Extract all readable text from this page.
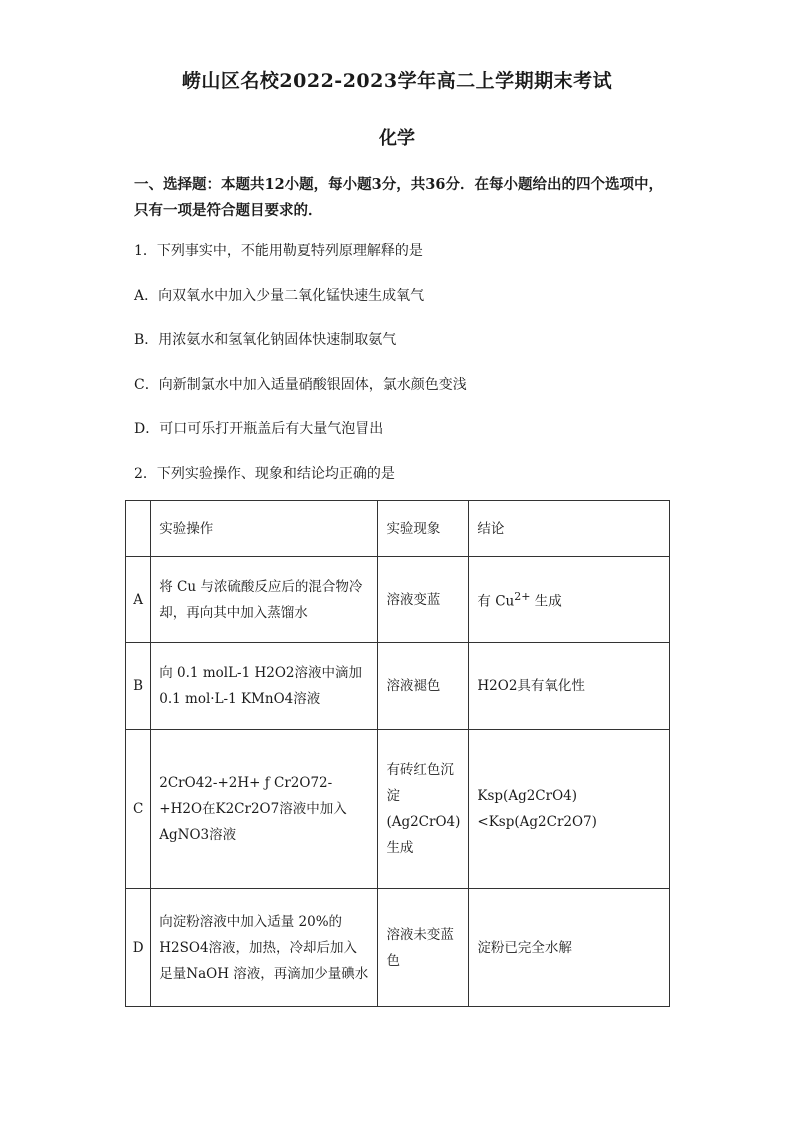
崂山区名校2022-2023学年高二上学期期末考试
化学
一、选择题：本题共12小题，每小题3分，共36分．在每小题给出的四个选项中，只有一项是符合题目要求的．
1．下列事实中，不能用勒夏特列原理解释的是
A．向双氧水中加入少量二氧化锰快速生成氧气
B．用浓氨水和氢氧化钠固体快速制取氨气
C．向新制氯水中加入适量硝酸银固体，氯水颜色变浅
D．可口可乐打开瓶盖后有大量气泡冒出
2．下列实验操作、现象和结论均正确的是
	实验操作	实验现象	结论
A	将 Cu 与浓硫酸反应后的混合物冷却，再向其中加入蒸馏水	溶液变蓝	有 $Cu^{2+}$ 生成
B	向 0.1 molL-1 H2O2溶液中滴加 0.1 mol·L-1 KMnO4溶液	溶液褪色	H2O2具有氧化性
C	2CrO42-+2H+ ƒ Cr2O72-+H2O在K2Cr2O7溶液中加入 AgNO3溶液	有砖红色沉淀(Ag2CrO4)生成	Ksp(Ag2CrO4)<Ksp(Ag2Cr2O7)
D	向淀粉溶液中加入适量 20%的H2SO4溶液，加热，冷却后加入足量NaOH 溶液，再滴加少量碘水	溶液未变蓝色	淀粉已完全水解
